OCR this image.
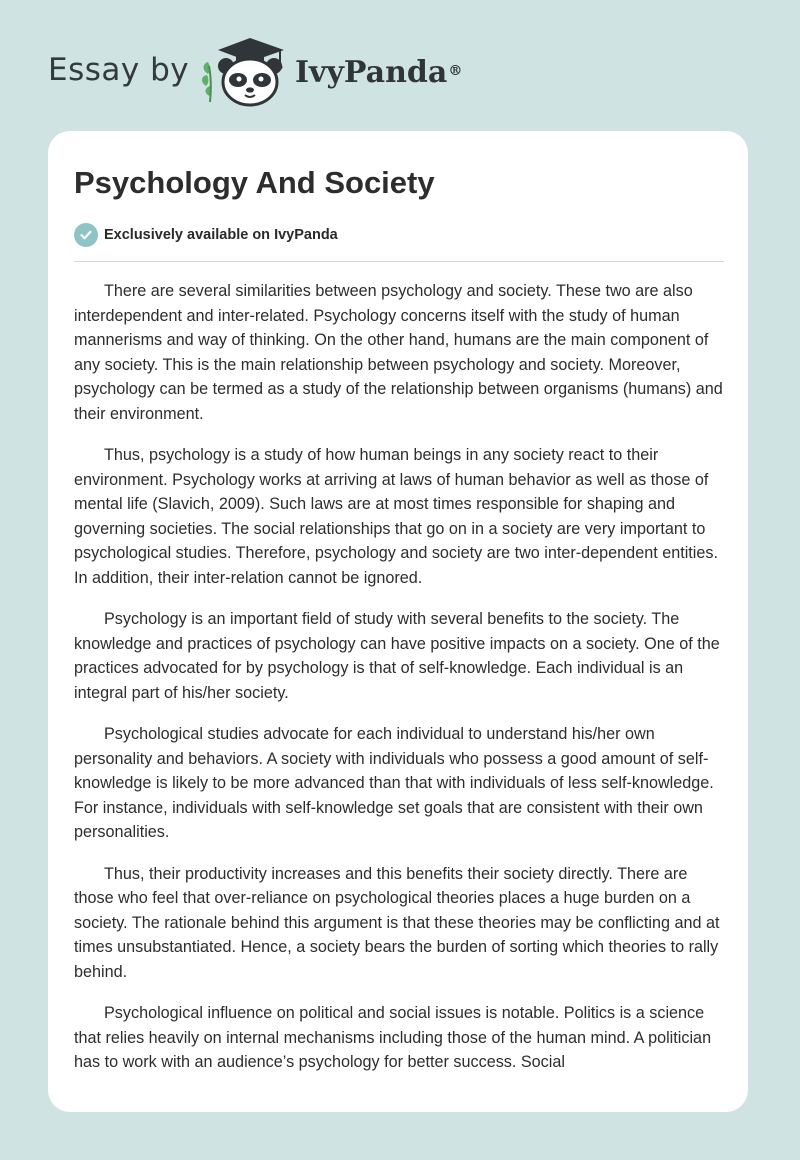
Essay by	IvyPanda®
Psychology And Society
Exclusively available on IvyPanda

There are several similarities between psychology and society. These two are also interdependent and inter-related. Psychology concerns itself with the study of human mannerisms and way of thinking. On the other hand, humans are the main component of any society. This is the main relationship between psychology and society. Moreover, psychology can be termed as a study of the relationship between organisms (humans) and their environment.

Thus, psychology is a study of how human beings in any society react to their environment. Psychology works at arriving at laws of human behavior as well as those of mental life (Slavich, 2009). Such laws are at most times responsible for shaping and governing societies. The social relationships that go on in a society are very important to psychological studies. Therefore, psychology and society are two inter-dependent entities. In addition, their inter-relation cannot be ignored.

Psychology is an important field of study with several benefits to the society. The knowledge and practices of psychology can have positive impacts on a society. One of the practices advocated for by psychology is that of self-knowledge. Each individual is an integral part of his/her society.

Psychological studies advocate for each individual to understand his/her own personality and behaviors. A society with individuals who possess a good amount of self-knowledge is likely to be more advanced than that with individuals of less self-knowledge. For instance, individuals with self-knowledge set goals that are consistent with their own personalities.

Thus, their productivity increases and this benefits their society directly. There are those who feel that over-reliance on psychological theories places a huge burden on a society. The rationale behind this argument is that these theories may be conflicting and at times unsubstantiated. Hence, a society bears the burden of sorting which theories to rally behind.

Psychological influence on political and social issues is notable. Politics is a science that relies heavily on internal mechanisms including those of the human mind. A politician has to work with an audience’s psychology for better success. Social
